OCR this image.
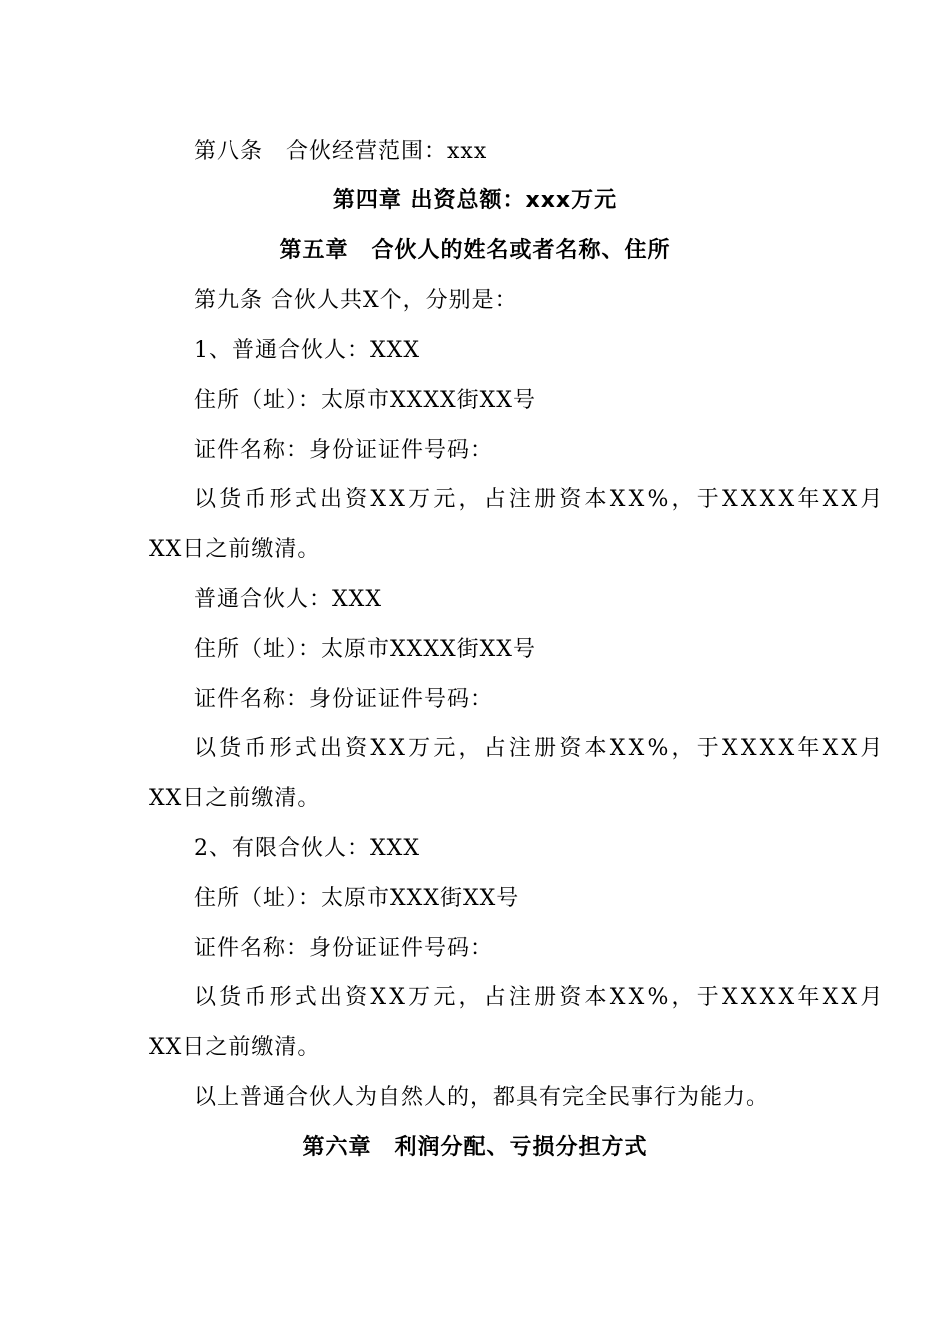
第八条　合伙经营范围：xxx
第四章 出资总额：xxx万元
第五章　合伙人的姓名或者名称、住所
第九条 合伙人共X个，分别是：
1、普通合伙人：XXX
住所（址）：太原市XXXX街XX号
证件名称：身份证证件号码：
以货币形式出资XX万元，占注册资本XX%，于XXXX年XX月
XX日之前缴清。
普通合伙人：XXX
住所（址）：太原市XXXX街XX号
证件名称：身份证证件号码：
以货币形式出资XX万元，占注册资本XX%，于XXXX年XX月
XX日之前缴清。
2、有限合伙人：XXX
住所（址）：太原市XXX街XX号
证件名称：身份证证件号码：
以货币形式出资XX万元，占注册资本XX%，于XXXX年XX月
XX日之前缴清。
以上普通合伙人为自然人的，都具有完全民事行为能力。
第六章　利润分配、亏损分担方式
